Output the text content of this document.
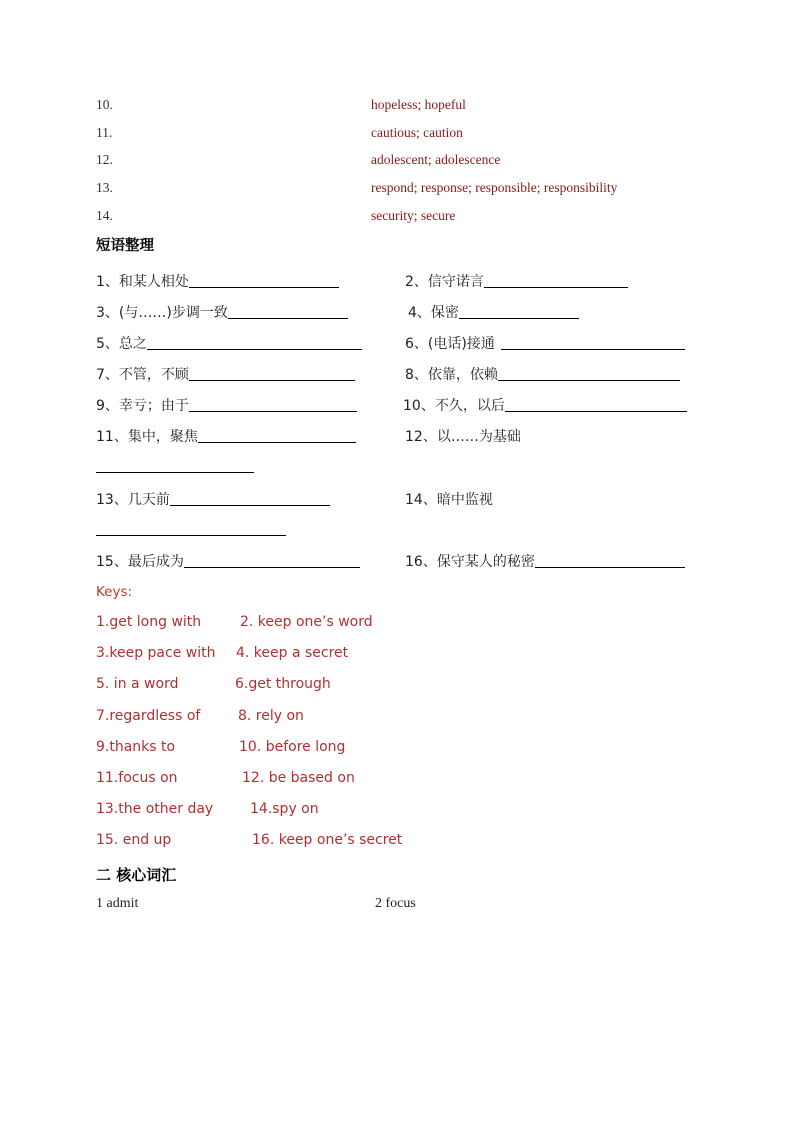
10.	hopeless; hopeful
11.	cautious; caution
12.	adolescent; adolescence
13.	respond; response; responsible; responsibility
14.	security; secure
短语整理
1、和某人相处	2、信守诺言
3、(与……)步调一致	4、保密
5、总之	6、(电话)接通
7、不管，不顾	8、依靠，依赖
9、幸亏；由于	10、不久，以后
11、集中，聚焦	12、以……为基础
13、几天前	14、暗中监视
15、最后成为	16、保守某人的秘密
Keys:
1.get long with	2. keep one’s word
3.keep pace with 4. keep a secret
5. in a word	6.get through
7.regardless of	8. rely on
9.thanks to	10. before long
11.focus on	12. be based on
13.the other day	14.spy on
15. end up	16. keep one’s secret
二 核心词汇
1 admit	2 focus
